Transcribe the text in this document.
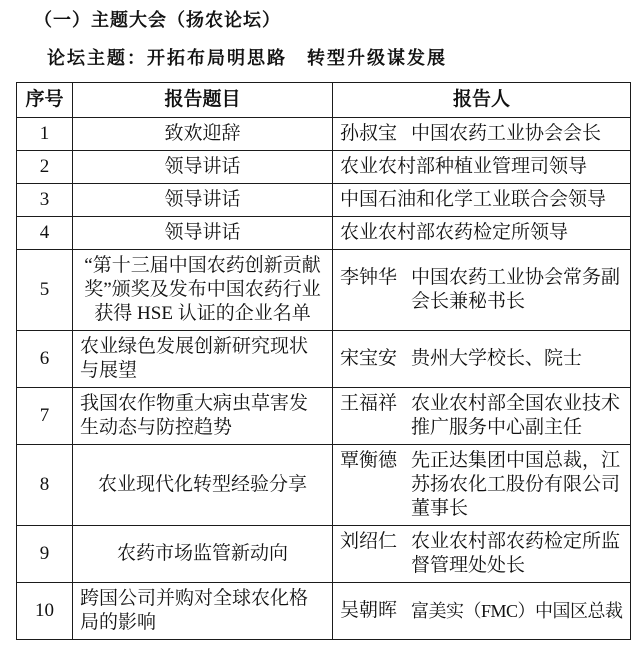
（一）主题大会（扬农论坛）
论坛主题：开拓布局明思路　转型升级谋发展
序号	报告题目	报告人
1	致欢迎辞	孙叔宝 中国农药工业协会会长

2	领导讲话	农业农村部种植业管理司领导

3	领导讲话	中国石油和化学工业联合会领导

4	领导讲话	农业农村部农药检定所领导

5	“第十三届中国农药创新贡献奖”颁奖及发布中国农药行业获得 HSE 认证的企业名单	李钟华 中国农药工业协会常务副会长兼秘书长

6	农业绿色发展创新研究现状与展望	宋宝安 贵州大学校长、院士

7	我国农作物重大病虫草害发生动态与防控趋势	王福祥 农业农村部全国农业技术推广服务中心副主任

8	农业现代化转型经验分享	覃衡德 先正达集团中国总裁，江苏扬农化工股份有限公司董事长

9	农药市场监管新动向	刘绍仁 农业农村部农药检定所监督管理处处长

10	跨国公司并购对全球农化格局的影响	吴朝晖 富美实（FMC）中国区总裁
